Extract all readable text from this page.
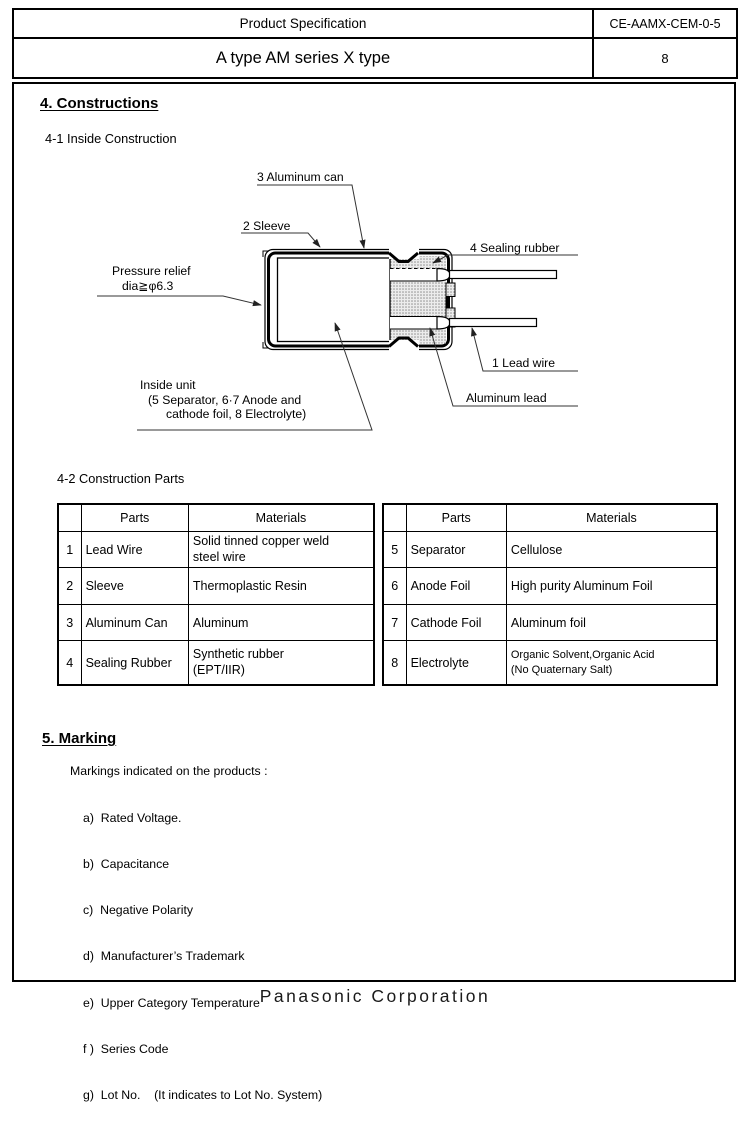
Product Specification	CE-AAMX-CEM-0-5
A type AM series X type	8
4. Constructions
4-1 Inside Construction
3 Aluminum can
2 Sleeve
4 Sealing rubber
Pressure relief
dia≧φ6.3
1 Lead wire
Aluminum lead
Inside unit
(5 Separator, 6·7 Anode and
cathode foil, 8 Electrolyte)
4-2 Construction Parts
	Parts	Materials
1	Lead Wire	Solid tinned copper weld
steel wire
2	Sleeve	Thermoplastic Resin
3	Aluminum Can	Aluminum
4	Sealing Rubber	Synthetic rubber
(EPT/IIR)
	Parts	Materials
5	Separator	Cellulose
6	Anode Foil	High purity Aluminum Foil
7	Cathode Foil	Aluminum foil
8	Electrolyte	Organic Solvent,Organic Acid
(No Quaternary Salt)
5. Marking
Markings indicated on the products :

a)  Rated Voltage.

b)  Capacitance

c)  Negative Polarity

d)  Manufacturer’s Trademark

e)  Upper Category Temperature

f )  Series Code

g)  Lot No.    (It indicates to Lot No. System)

Panasonic Corporation
